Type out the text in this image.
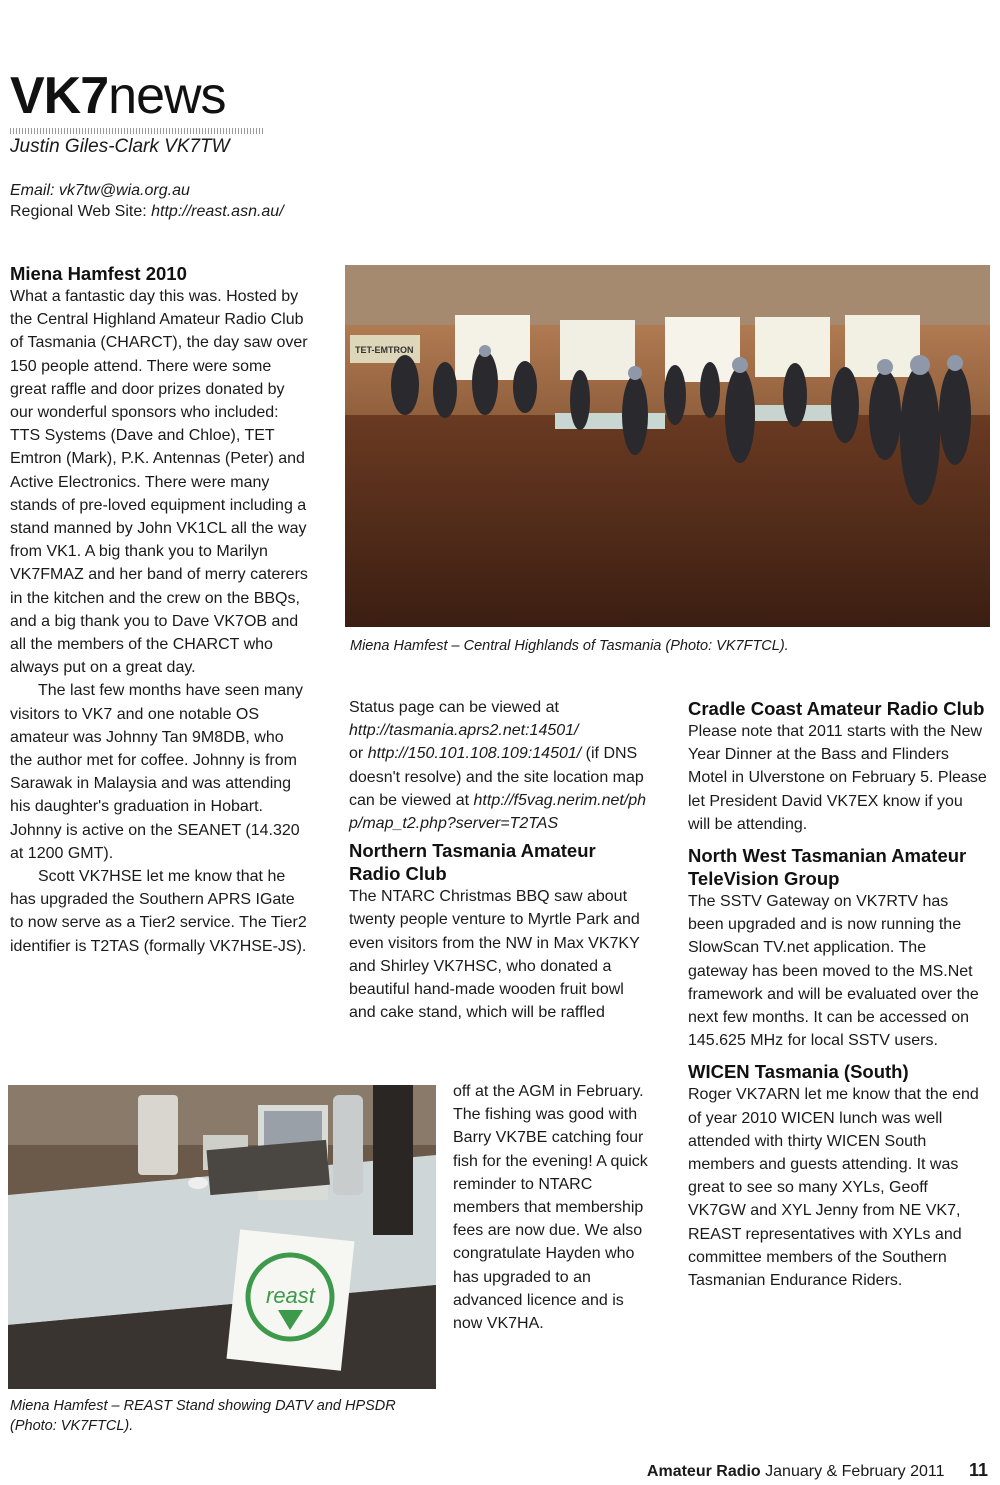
VK7news
Justin Giles-Clark VK7TW
Email: vk7tw@wia.org.au
Regional Web Site: http://reast.asn.au/
Miena Hamfest 2010

What a fantastic day this was. Hosted by the Central Highland Amateur Radio Club of Tasmania (CHARCT), the day saw over 150 people attend. There were some great raffle and door prizes donated by our wonderful sponsors who included: TTS Systems (Dave and Chloe), TET Emtron (Mark), P.K. Antennas (Peter) and Active Electronics. There were many stands of pre-loved equipment including a stand manned by John VK1CL all the way from VK1. A big thank you to Marilyn VK7FMAZ and her band of merry caterers in the kitchen and the crew on the BBQs, and a big thank you to Dave VK7OB and all the members of the CHARCT who always put on a great day.

The last few months have seen many visitors to VK7 and one notable OS amateur was Johnny Tan 9M8DB, who the author met for coffee. Johnny is from Sarawak in Malaysia and was attending his daughter's graduation in Hobart. Johnny is active on the SEANET (14.320 at 1200 GMT).

Scott VK7HSE let me know that he has upgraded the Southern APRS IGate to now serve as a Tier2 service. The Tier2 identifier is T2TAS (formally VK7HSE-JS).

TET-EMTRON
Miena Hamfest – Central Highlands of Tasmania (Photo: VK7FTCL).

Status page can be viewed at
http://tasmania.aprs2.net:14501/
or http://150.101.108.109:14501/ (if DNS doesn't resolve) and the site location map can be viewed at http://f5vag.nerim.net/php/map_t2.php?server=T2TAS

Northern Tasmania Amateur Radio Club

The NTARC Christmas BBQ saw about twenty people venture to Myrtle Park and even visitors from the NW in Max VK7KY and Shirley VK7HSC, who donated a beautiful hand-made wooden fruit bowl and cake stand, which will be raffled

off at the AGM in February. The fishing was good with Barry VK7BE catching four fish for the evening! A quick reminder to NTARC members that membership fees are now due. We also congratulate Hayden who has upgraded to an advanced licence and is now VK7HA.

reast
Miena Hamfest – REAST Stand showing DATV and HPSDR (Photo: VK7FTCL).
Cradle Coast Amateur Radio Club

Please note that 2011 starts with the New Year Dinner at the Bass and Flinders Motel in Ulverstone on February 5. Please let President David VK7EX know if you will be attending.

North West Tasmanian Amateur TeleVision Group

The SSTV Gateway on VK7RTV has been upgraded and is now running the SlowScan TV.net application. The gateway has been moved to the MS.Net framework and will be evaluated over the next few months. It can be accessed on 145.625 MHz for local SSTV users.

WICEN Tasmania (South)

Roger VK7ARN let me know that the end of year 2010 WICEN lunch was well attended with thirty WICEN South members and guests attending. It was great to see so many XYLs, Geoff VK7GW and XYL Jenny from NE VK7, REAST representatives with XYLs and committee members of the Southern Tasmanian Endurance Riders.

Amateur Radio January & February 2011 11
